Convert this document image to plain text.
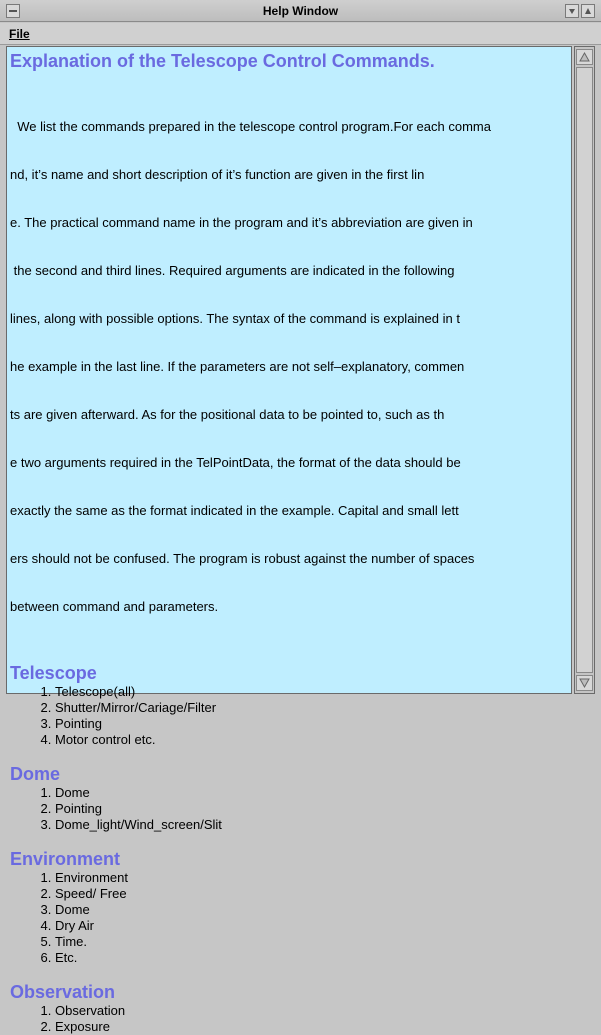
Help Window
File
Explanation of the Telescope Control Commands.

We list the commands prepared in the telescope control program.For each comma

nd, it’s name and short description of it’s function are given in the first lin

e. The practical command name in the program and it’s abbreviation are given in

the second and third lines. Required arguments are indicated in the following

lines, along with possible options. The syntax of the command is explained in t

he example in the last line. If the parameters are not self–explanatory, commen

ts are given afterward. As for the positional data to be pointed to, such as th

e two arguments required in the TelPointData, the format of the data should be

exactly the same as the format indicated in the example. Capital and small lett

ers should not be confused. The program is robust against the number of spaces

between command and parameters.

Telescope
1. Telescope(all)
2. Shutter/Mirror/Cariage/Filter
3. Pointing
4. Motor control etc.
Dome
1. Dome
2. Pointing
3. Dome_light/Wind_screen/Slit
Environment
1. Environment
2. Speed/ Free
3. Dome
4. Dry Air
5. Time.
6. Etc.
Observation
1. Observation
2. Exposure
